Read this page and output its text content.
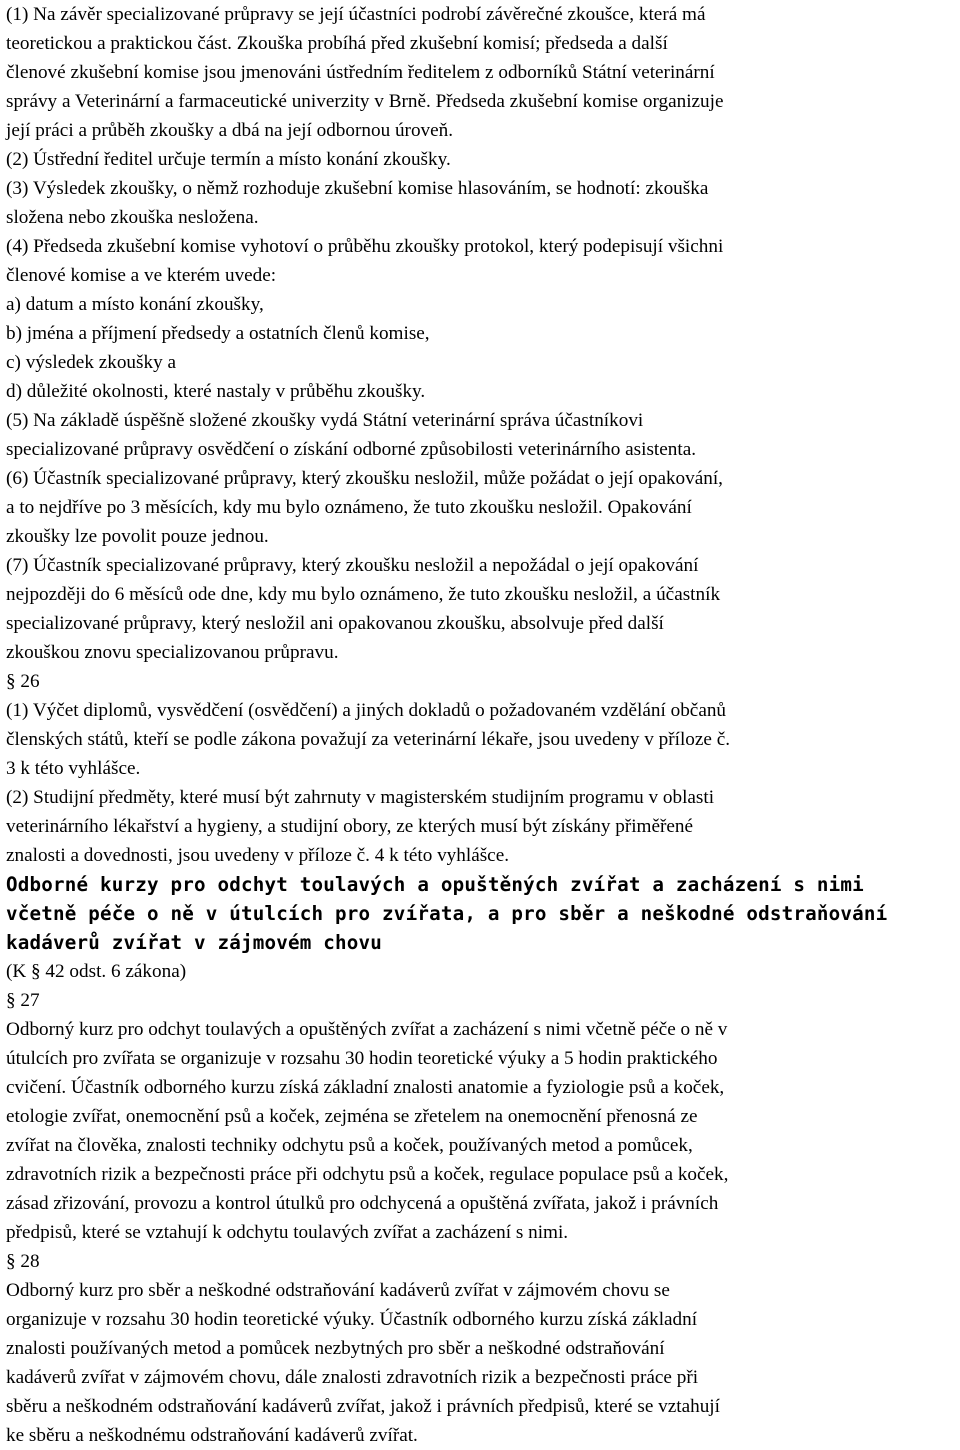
(1) Na závěr specializované průpravy se její účastníci podrobí závěrečné zkoušce, která má
teoretickou a praktickou část. Zkouška probíhá před zkušební komisí; předseda a další
členové zkušební komise jsou jmenováni ústředním ředitelem z odborníků Státní veterinární
správy a Veterinární a farmaceutické univerzity v Brně. Předseda zkušební komise organizuje
její práci a průběh zkoušky a dbá na její odbornou úroveň.
(2) Ústřední ředitel určuje termín a místo konání zkoušky.
(3) Výsledek zkoušky, o němž rozhoduje zkušební komise hlasováním, se hodnotí: zkouška
složena nebo zkouška nesložena.
(4) Předseda zkušební komise vyhotoví o průběhu zkoušky protokol, který podepisují všichni
členové komise a ve kterém uvede:
a) datum a místo konání zkoušky,
b) jména a příjmení předsedy a ostatních členů komise,
c) výsledek zkoušky a
d) důležité okolnosti, které nastaly v průběhu zkoušky.
(5) Na základě úspěšně složené zkoušky vydá Státní veterinární správa účastníkovi
specializované průpravy osvědčení o získání odborné způsobilosti veterinárního asistenta.
(6) Účastník specializované průpravy, který zkoušku nesložil, může požádat o její opakování,
a to nejdříve po 3 měsících, kdy mu bylo oznámeno, že tuto zkoušku nesložil. Opakování
zkoušky lze povolit pouze jednou.
(7) Účastník specializované průpravy, který zkoušku nesložil a nepožádal o její opakování
nejpozději do 6 měsíců ode dne, kdy mu bylo oznámeno, že tuto zkoušku nesložil, a účastník
specializované průpravy, který nesložil ani opakovanou zkoušku, absolvuje před další
zkouškou znovu specializovanou průpravu.
§ 26
(1) Výčet diplomů, vysvědčení (osvědčení) a jiných dokladů o požadovaném vzdělání občanů
členských států, kteří se podle zákona považují za veterinární lékaře, jsou uvedeny v příloze č.
3 k této vyhlášce.
(2) Studijní předměty, které musí být zahrnuty v magisterském studijním programu v oblasti
veterinárního lékařství a hygieny, a studijní obory, ze kterých musí být získány přiměřené
znalosti a dovednosti, jsou uvedeny v příloze č. 4 k této vyhlášce.
Odborné kurzy pro odchyt toulavých a opuštěných zvířat a zacházení s nimi
včetně péče o ně v útulcích pro zvířata, a pro sběr a neškodné odstraňování
kadáverů zvířat v zájmovém chovu
(K § 42 odst. 6 zákona)
§ 27
Odborný kurz pro odchyt toulavých a opuštěných zvířat a zacházení s nimi včetně péče o ně v
útulcích pro zvířata se organizuje v rozsahu 30 hodin teoretické výuky a 5 hodin praktického
cvičení. Účastník odborného kurzu získá základní znalosti anatomie a fyziologie psů a koček,
etologie zvířat, onemocnění psů a koček, zejména se zřetelem na onemocnění přenosná ze
zvířat na člověka, znalosti techniky odchytu psů a koček, používaných metod a pomůcek,
zdravotních rizik a bezpečnosti práce při odchytu psů a koček, regulace populace psů a koček,
zásad zřizování, provozu a kontrol útulků pro odchycená a opuštěná zvířata, jakož i právních
předpisů, které se vztahují k odchytu toulavých zvířat a zacházení s nimi.
§ 28
Odborný kurz pro sběr a neškodné odstraňování kadáverů zvířat v zájmovém chovu se
organizuje v rozsahu 30 hodin teoretické výuky. Účastník odborného kurzu získá základní
znalosti používaných metod a pomůcek nezbytných pro sběr a neškodné odstraňování
kadáverů zvířat v zájmovém chovu, dále znalosti zdravotních rizik a bezpečnosti práce při
sběru a neškodném odstraňování kadáverů zvířat, jakož i právních předpisů, které se vztahují
ke sběru a neškodnému odstraňování kadáverů zvířat.
